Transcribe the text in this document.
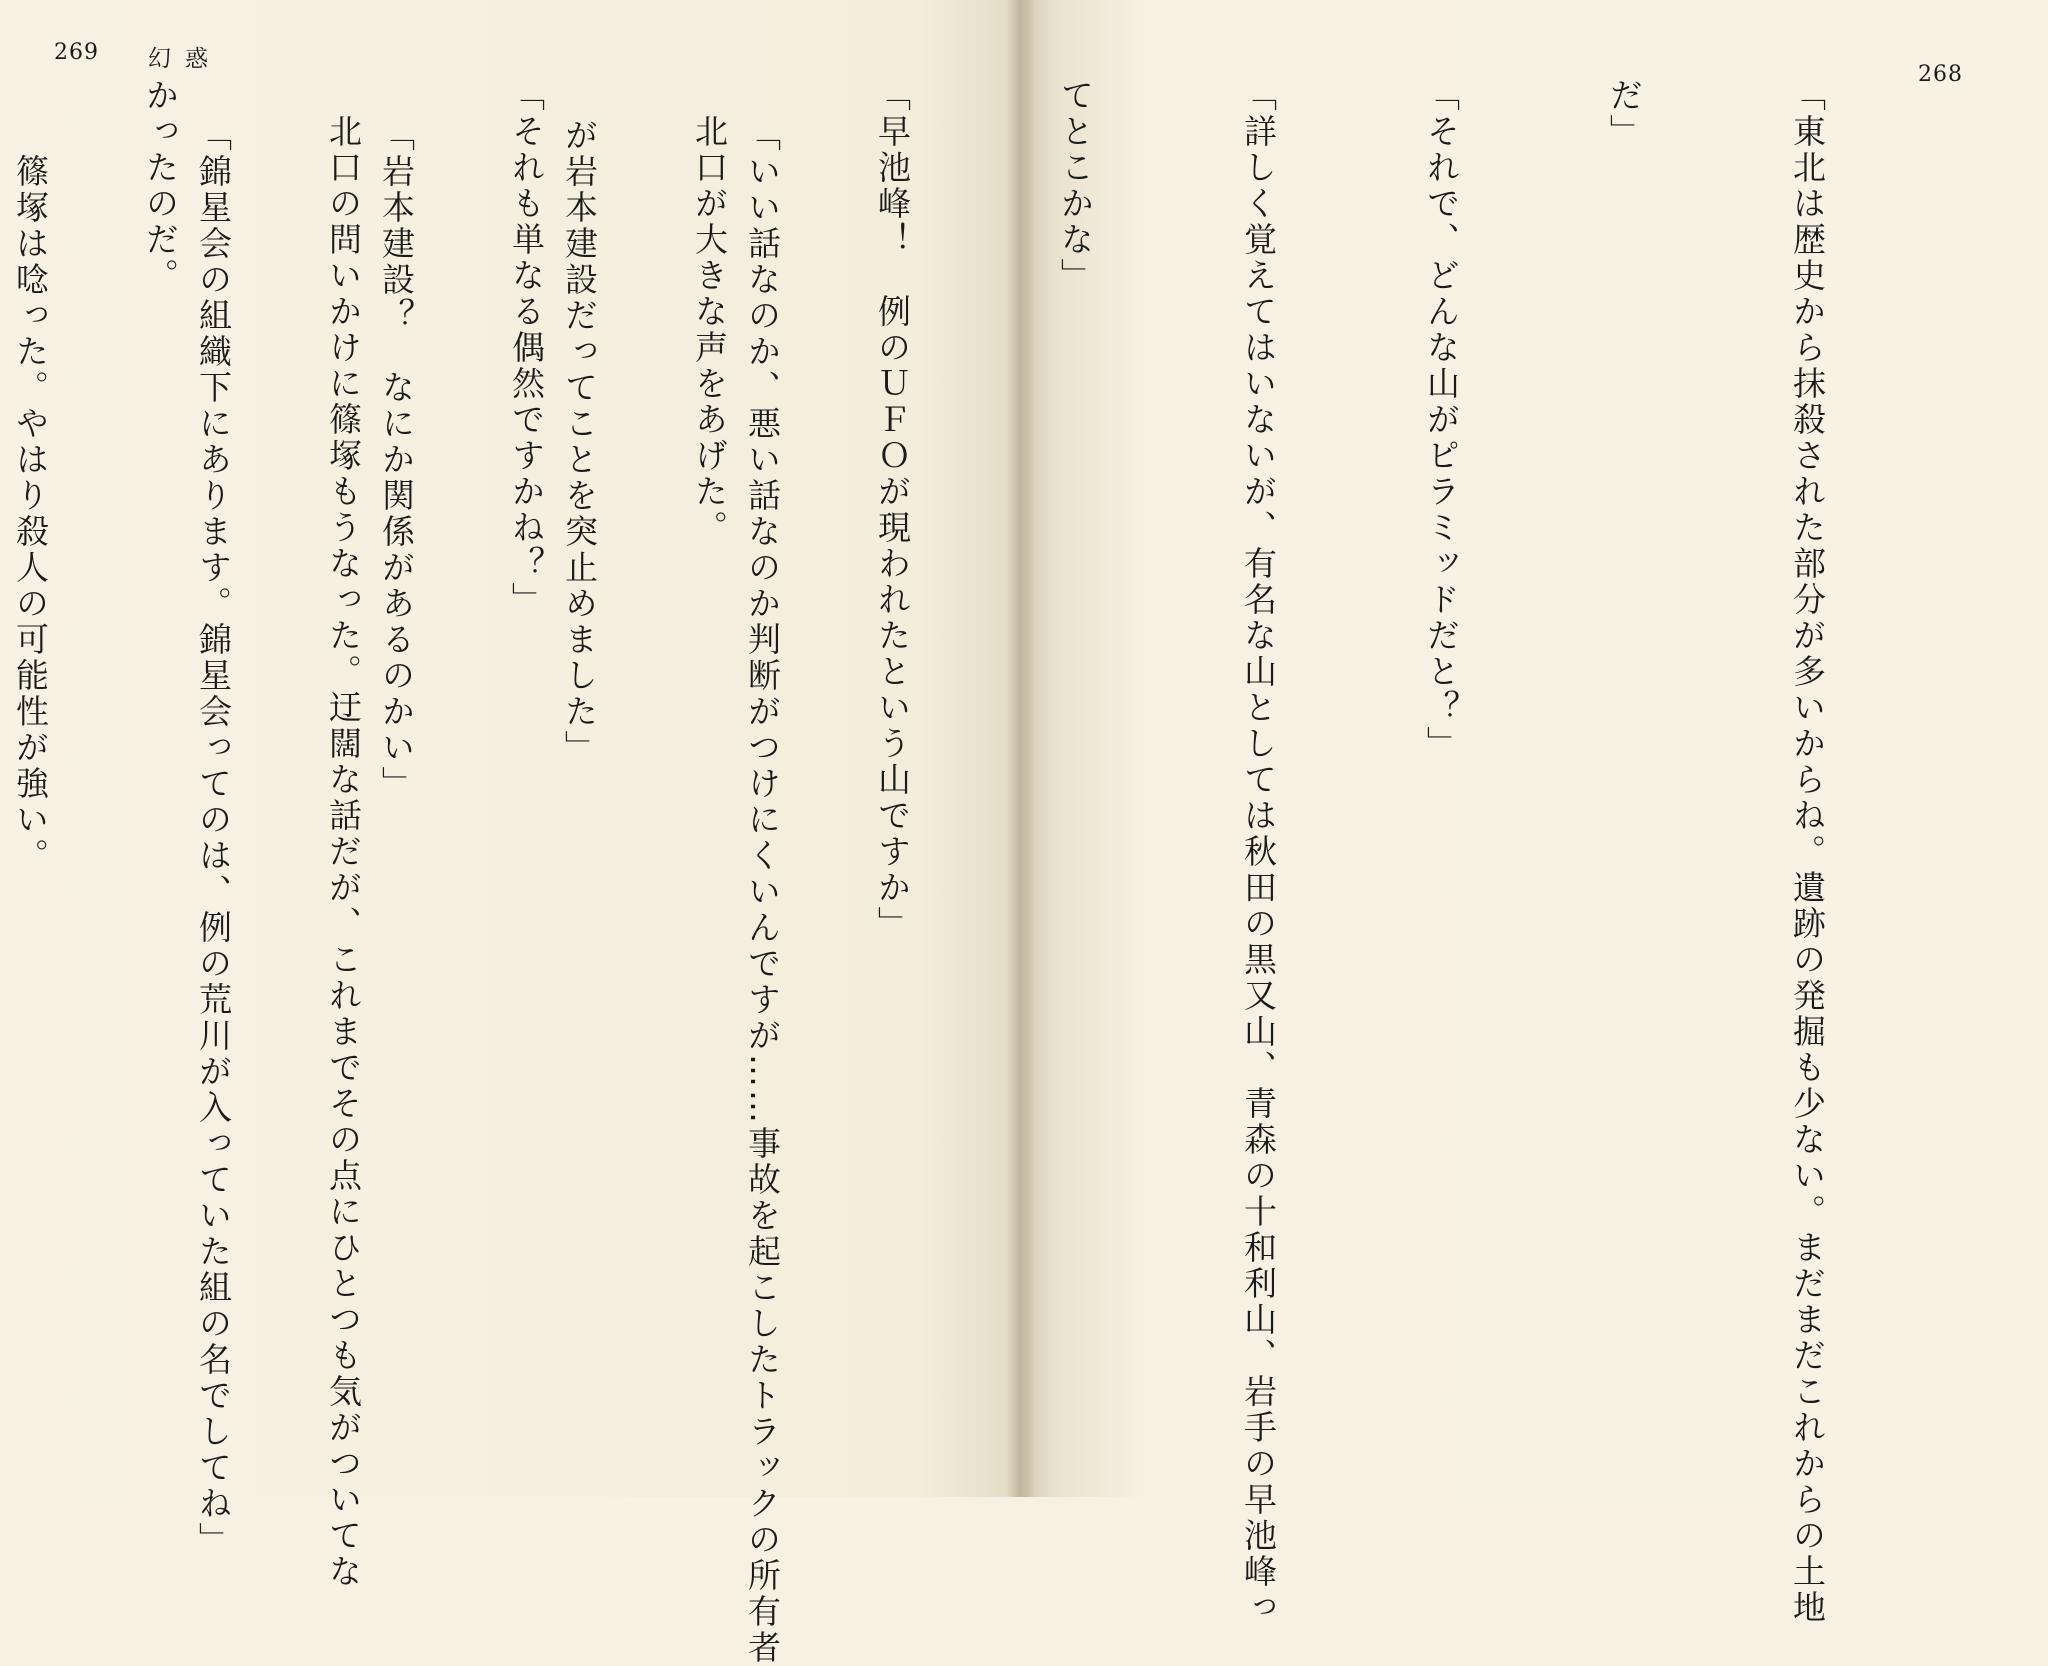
269 幻惑
268

「東北は歴史から抹殺された部分が多いからね。遺跡の発掘も少ない。まだまだこれからの土地

だ」

「それで、どんな山がピラミッドだと？」

「詳しく覚えてはいないが、有名な山としては秋田の黒又山、青森の十和利山、岩手の早池峰っ

てとこかな」

「早池峰！　例のＵＦＯが現われたという山ですか」

　北口が大きな声をあげた。

「それも単なる偶然ですかね？」

　北口の問いかけに篠塚もうなった。迂闊な話だが、これまでその点にひとつも気がついてな

かったのだ。

	「いい話なのか、悪い話なのか判断がつけにくいんですが……事故を起こしたトラックの所有者

が岩本建設だってことを突止めました」

「岩本建設？　なにか関係があるのかい」

「錦星会の組織下にあります。錦星会ってのは、例の荒川が入っていた組の名でしてね」

　篠塚は唸った。やはり殺人の可能性が強い。
